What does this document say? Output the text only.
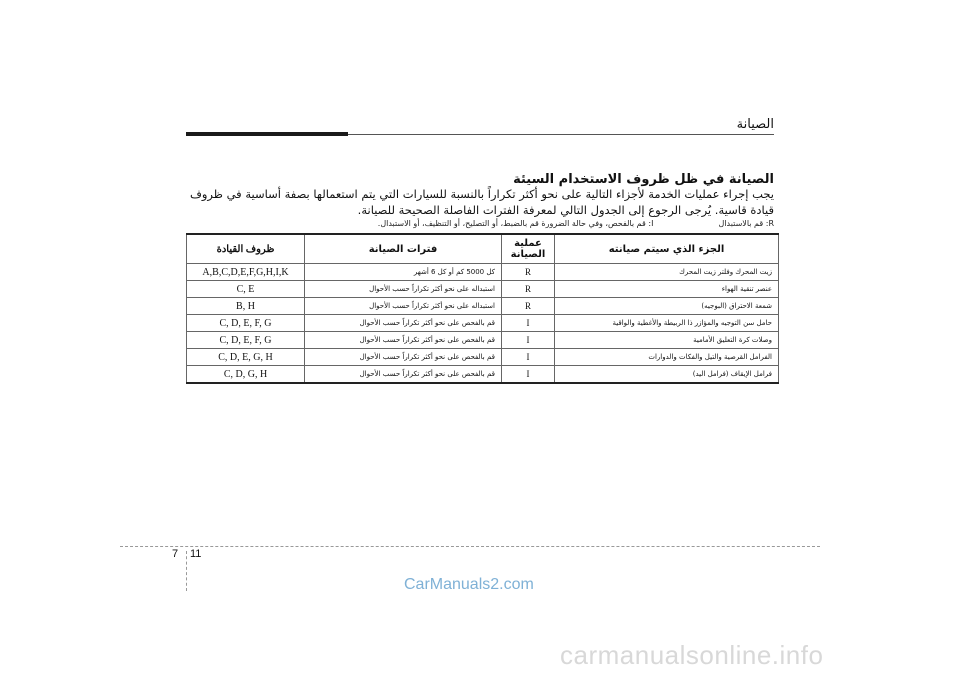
الصيانة
الصيانة في ظل ظروف الاستخدام السيئة
يجب إجراء عمليات الخدمة لأجزاء التالية على نحو أكثر تكراراً بالنسبة للسيارات التي يتم استعمالها بصفة أساسية في ظروف قيادة قاسية. يُرجى الرجوع إلى الجدول التالي لمعرفة الفترات الفاصلة الصحيحة للصيانة.
R: قم بالاستبدال  I: قم بالفحص، وفي حالة الضرورة قم بالضبط، أو التصليح، أو التنظيف، أو الاستبدال.
الجزء الذي سيتم صيانته	عملية الصيانة	فترات الصيانة	ظروف القيادة
زيت المحرك وفلتر زيت المحرك	R	كل 5000 كم أو كل 6 أشهر	A,B,C,D,E,F,G,H,I,K
عنصر تنقية الهواء	R	استبداله على نحو أكثر تكراراً حسب الأحوال	C, E
شمعة الاحتراق (البوجيه)	R	استبداله على نحو أكثر تكراراً حسب الأحوال	B, H
حامل سن التوجيه والمؤازر ذا الربيطة والأغطية والواقية	I	قم بالفحص على نحو أكثر تكراراً حسب الأحوال	C, D, E, F, G
وصلات كرة التعليق الأمامية	I	قم بالفحص على نحو أكثر تكراراً حسب الأحوال	C, D, E, F, G
الفرامل القرصية والتيل والفكات والدوارات	I	قم بالفحص على نحو أكثر تكراراً حسب الأحوال	C, D, E, G, H
فرامل الإيقاف (فرامل اليد)	I	قم بالفحص على نحو أكثر تكراراً حسب الأحوال	C, D, G, H
7 11
CarManuals2.com
carmanualsonline.info
